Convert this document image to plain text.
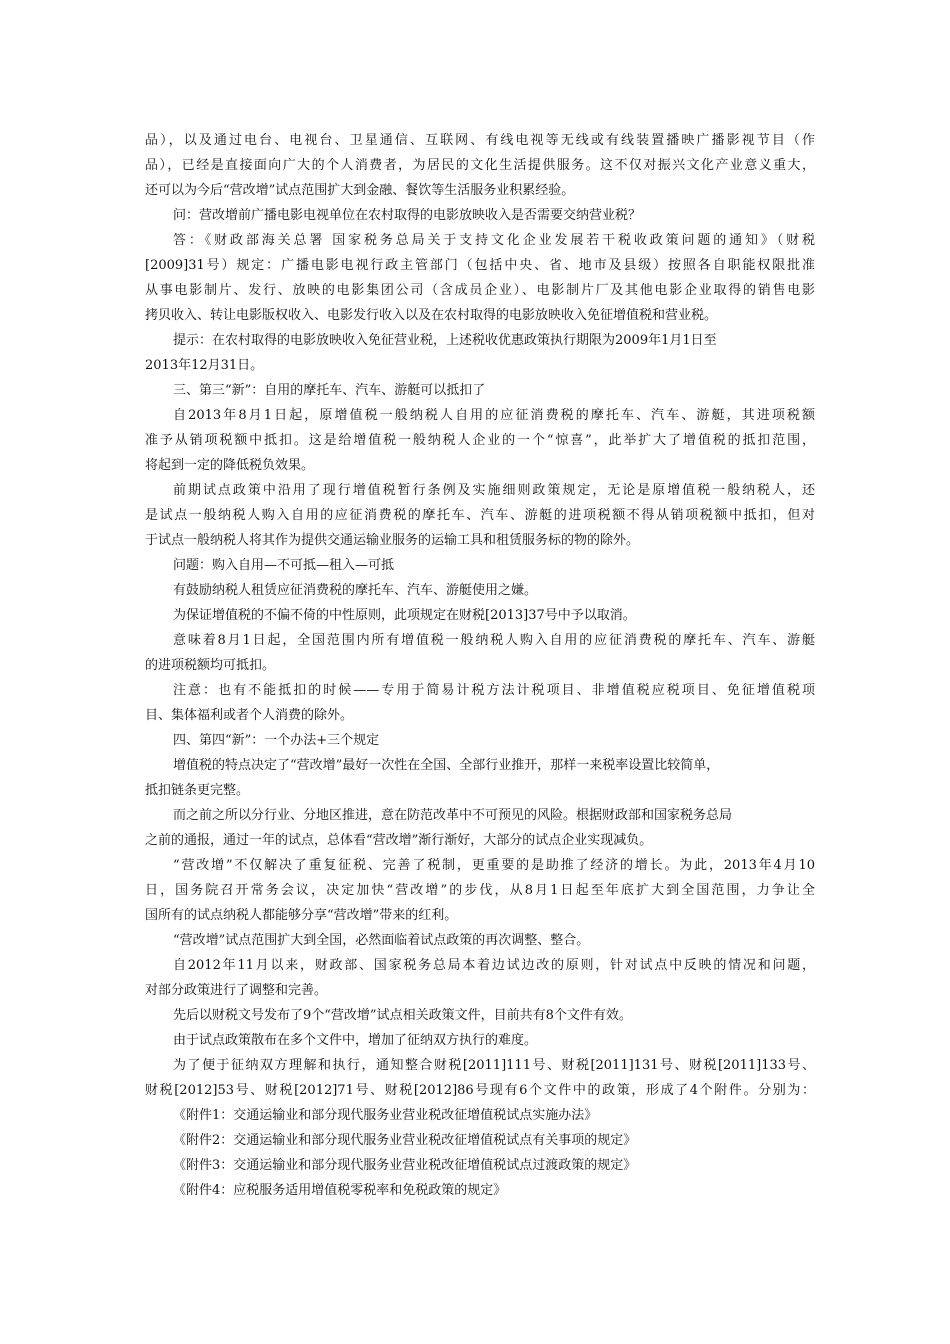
品），以及通过电台、电视台、卫星通信、互联网、有线电视等无线或有线装置播映广播影视节目（作
品），已经是直接面向广大的个人消费者，为居民的文化生活提供服务。这不仅对振兴文化产业意义重大，
还可以为今后“营改增”试点范围扩大到金融、餐饮等生活服务业积累经验。
问：营改增前广播电影电视单位在农村取得的电影放映收入是否需要交纳营业税？
答：《财政部海关总署 国家税务总局关于支持文化企业发展若干税收政策问题的通知》（财税
[2009]31号）规定：广播电影电视行政主管部门（包括中央、省、地市及县级）按照各自职能权限批准
从事电影制片、发行、放映的电影集团公司（含成员企业）、电影制片厂及其他电影企业取得的销售电影
拷贝收入、转让电影版权收入、电影发行收入以及在农村取得的电影放映收入免征增值税和营业税。
提示：在农村取得的电影放映收入免征营业税，上述税收优惠政策执行期限为2009年1月1日至
2013年12月31日。
三、第三“新”：自用的摩托车、汽车、游艇可以抵扣了
自2013年8月1日起，原增值税一般纳税人自用的应征消费税的摩托车、汽车、游艇，其进项税额
准予从销项税额中抵扣。这是给增值税一般纳税人企业的一个“惊喜”，此举扩大了增值税的抵扣范围，
将起到一定的降低税负效果。
前期试点政策中沿用了现行增值税暂行条例及实施细则政策规定，无论是原增值税一般纳税人，还
是试点一般纳税人购入自用的应征消费税的摩托车、汽车、游艇的进项税额不得从销项税额中抵扣，但对
于试点一般纳税人将其作为提供交通运输业服务的运输工具和租赁服务标的物的除外。
问题：购入自用—不可抵—租入—可抵
有鼓励纳税人租赁应征消费税的摩托车、汽车、游艇使用之嫌。
为保证增值税的不偏不倚的中性原则，此项规定在财税[2013]37号中予以取消。
意味着8月1日起，全国范围内所有增值税一般纳税人购入自用的应征消费税的摩托车、汽车、游艇
的进项税额均可抵扣。
注意：也有不能抵扣的时候——专用于简易计税方法计税项目、非增值税应税项目、免征增值税项
目、集体福利或者个人消费的除外。
四、第四“新”：一个办法+三个规定
增值税的特点决定了“营改增”最好一次性在全国、全部行业推开，那样一来税率设置比较简单，
抵扣链条更完整。
而之前之所以分行业、分地区推进，意在防范改革中不可预见的风险。根据财政部和国家税务总局
之前的通报，通过一年的试点，总体看“营改增”渐行渐好，大部分的试点企业实现减负。
“营改增”不仅解决了重复征税、完善了税制，更重要的是助推了经济的增长。为此，2013年4月10
日，国务院召开常务会议，决定加快“营改增”的步伐，从8月1日起至年底扩大到全国范围，力争让全
国所有的试点纳税人都能够分享“营改增”带来的红利。
“营改增”试点范围扩大到全国，必然面临着试点政策的再次调整、整合。
自2012年11月以来，财政部、国家税务总局本着边试边改的原则，针对试点中反映的情况和问题，
对部分政策进行了调整和完善。
先后以财税文号发布了9个“营改增”试点相关政策文件，目前共有8个文件有效。
由于试点政策散布在多个文件中，增加了征纳双方执行的难度。
为了便于征纳双方理解和执行，通知整合财税[2011]111号、财税[2011]131号、财税[2011]133号、
财税[2012]53号、财税[2012]71号、财税[2012]86号现有6个文件中的政策，形成了4个附件。分别为：
《附件1：交通运输业和部分现代服务业营业税改征增值税试点实施办法》
《附件2：交通运输业和部分现代服务业营业税改征增值税试点有关事项的规定》
《附件3：交通运输业和部分现代服务业营业税改征增值税试点过渡政策的规定》
《附件4：应税服务适用增值税零税率和免税政策的规定》
